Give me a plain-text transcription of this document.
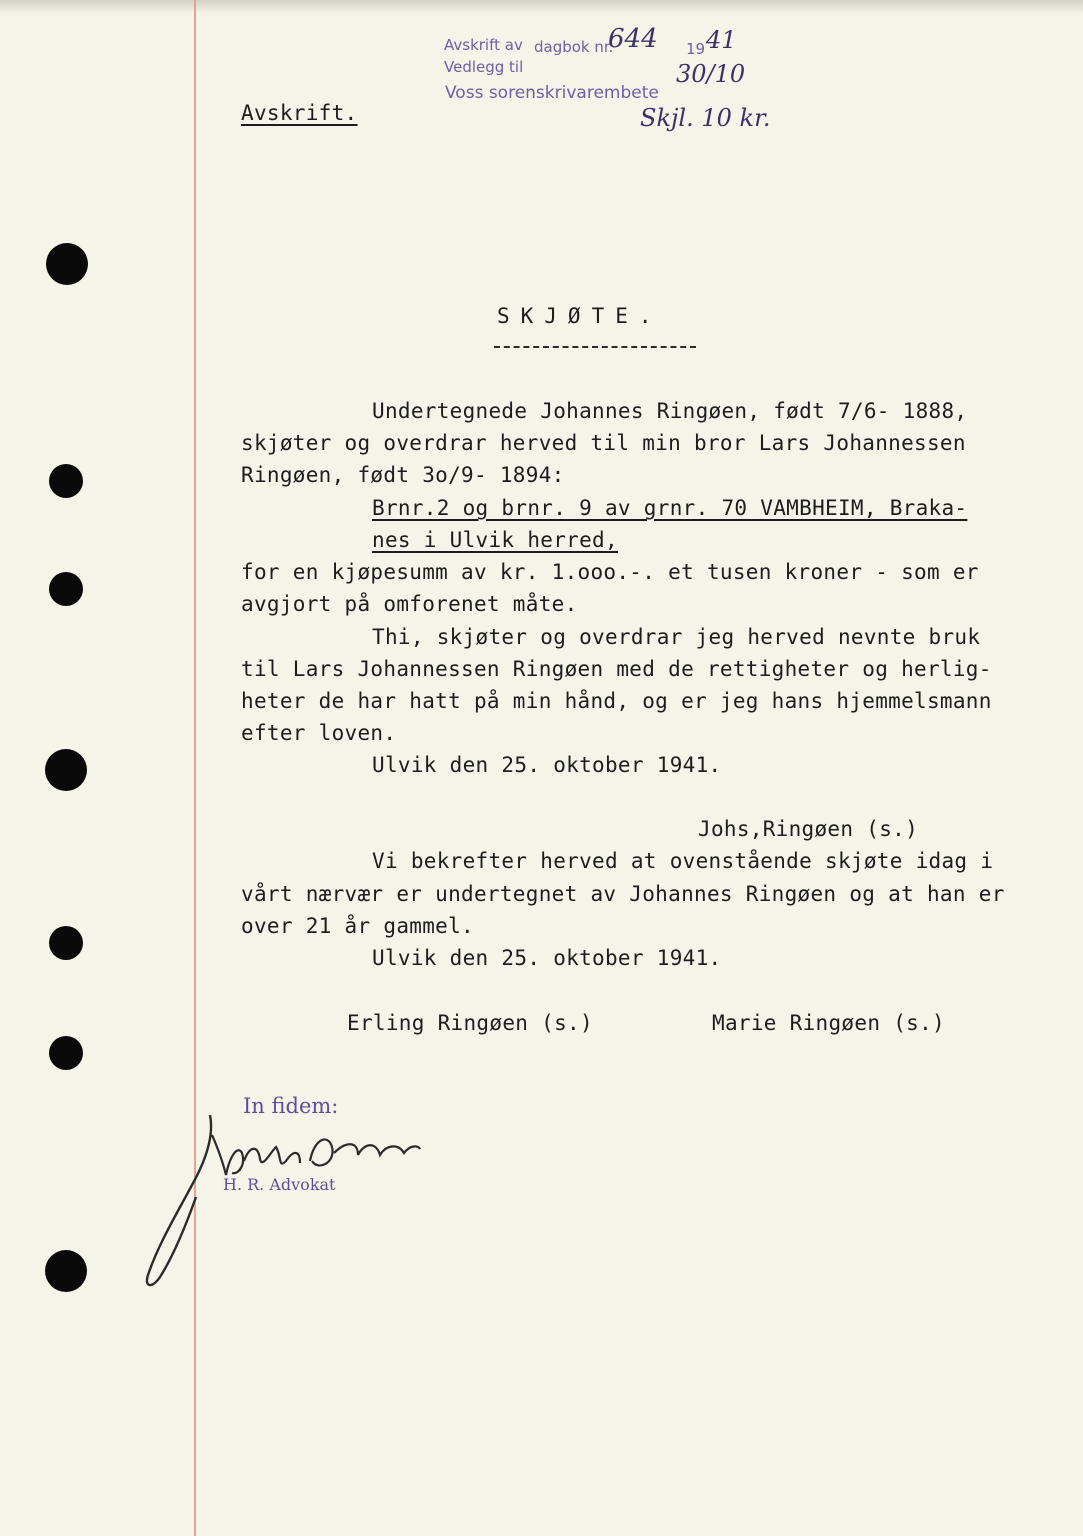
Avskrift av dagbok nr.
Vedlegg til
Voss sorenskrivarembete
644 19 41
30/10
Skjl. 10 kr.
Avskrift.
SKJØTE.
Undertegnede Johannes Ringøen, født 7/6- 1888,
skjøter og overdrar herved til min bror Lars Johannessen
Ringøen, født 3o/9- 1894:
Brnr.2 og brnr. 9 av grnr. 70 VAMBHEIM, Braka-
nes i Ulvik herred,
for en kjøpesumm av kr. 1.ooo.-. et tusen kroner - som er
avgjort på omforenet måte.
Thi, skjøter og overdrar jeg herved nevnte bruk
til Lars Johannessen Ringøen med de rettigheter og herlig-
heter de har hatt på min hånd, og er jeg hans hjemmelsmann
efter loven.
Ulvik den 25. oktober 1941.
Johs,Ringøen (s.)
Vi bekrefter herved at ovenstående skjøte idag i
vårt nærvær er undertegnet av Johannes Ringøen og at han er
over 21 år gammel.
Ulvik den 25. oktober 1941.
Erling Ringøen (s.)	Marie Ringøen (s.)
In fidem:
H. R. Advokat
